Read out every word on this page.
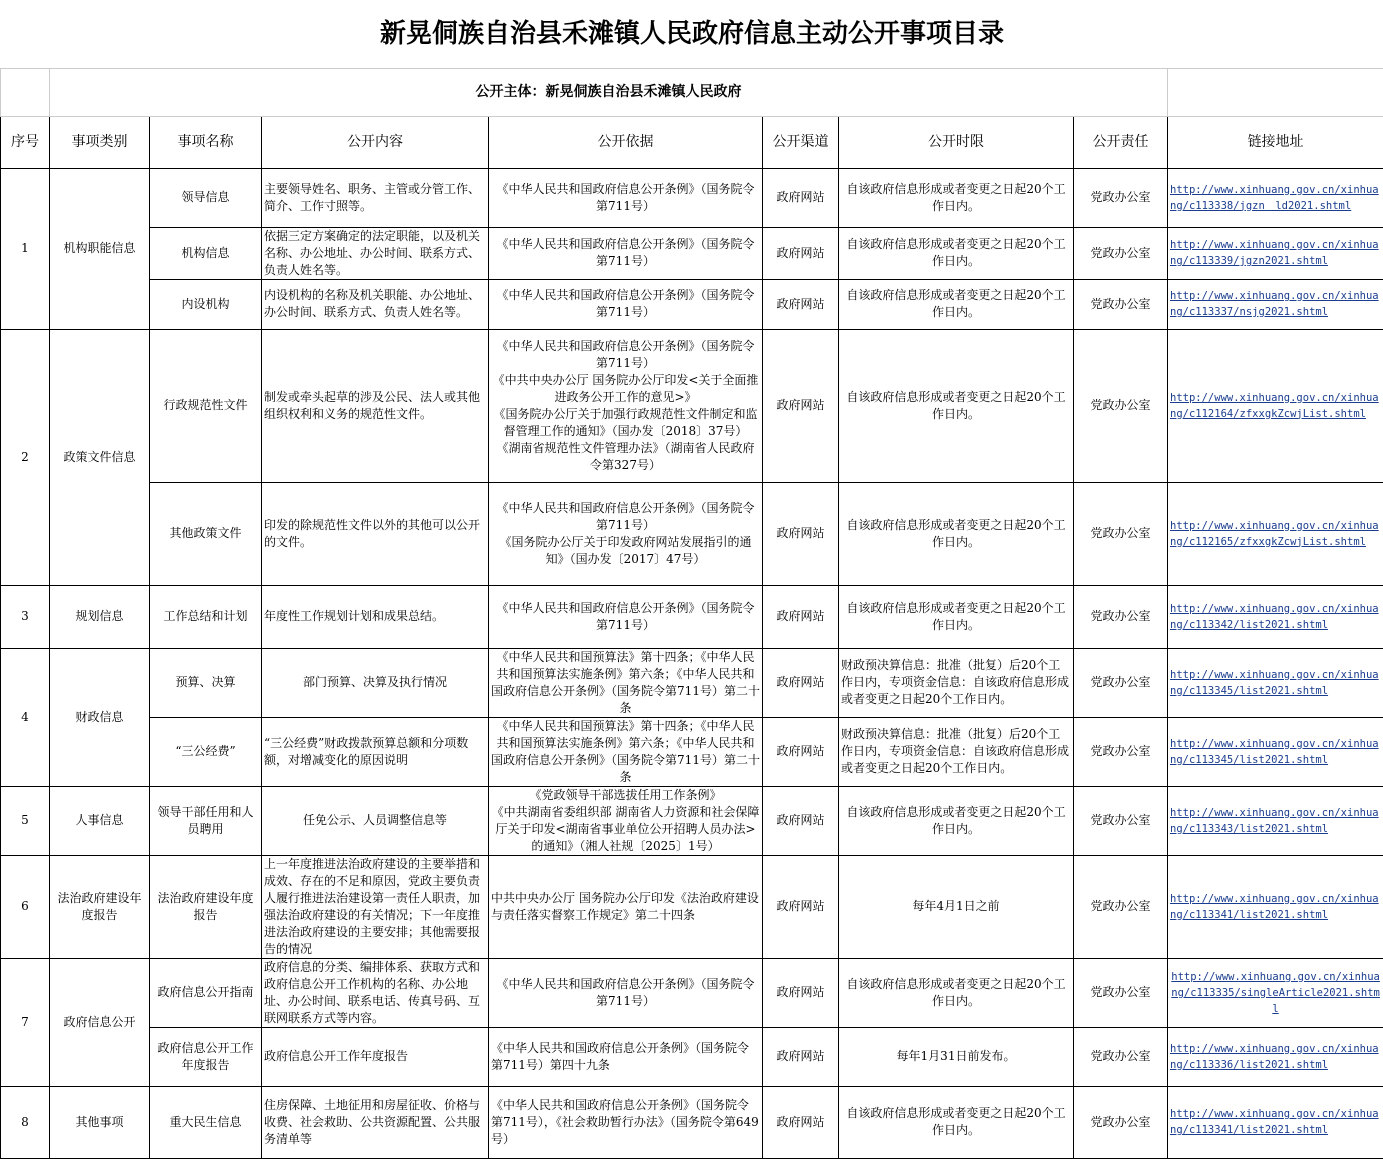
新晃侗族自治县禾滩镇人民政府信息主动公开事项目录								
	公开主体：新晃侗族自治县禾滩镇人民政府							
序号	事项类别	事项名称	公开内容	公开依据	公开渠道	公开时限	公开责任	链接地址
1	机构职能信息	领导信息	主要领导姓名、职务、主管或分管工作、简介、工作寸照等。	《中华人民共和国政府信息公开条例》（国务院令第711号）	政府网站	自该政府信息形成或者变更之日起20个工作日内。	党政办公室	http://www.xinhuang.gov.cn/xinhuang/c113338/jgzn　ld2021.shtml
		机构信息	依据三定方案确定的法定职能，以及机关名称、办公地址、办公时间、联系方式、负责人姓名等。	《中华人民共和国政府信息公开条例》（国务院令第711号）	政府网站	自该政府信息形成或者变更之日起20个工作日内。	党政办公室	http://www.xinhuang.gov.cn/xinhuang/c113339/jgzn2021.shtml
		内设机构	内设机构的名称及机关职能、办公地址、办公时间、联系方式、负责人姓名等。	《中华人民共和国政府信息公开条例》（国务院令第711号）	政府网站	自该政府信息形成或者变更之日起20个工作日内。	党政办公室	http://www.xinhuang.gov.cn/xinhuang/c113337/nsjg2021.shtml
2	政策文件信息	行政规范性文件	制发或牵头起草的涉及公民、法人或其他组织权利和义务的规范性文件。	《中华人民共和国政府信息公开条例》（国务院令第711号）
《中共中央办公厅 国务院办公厅印发<关于全面推进政务公开工作的意见>》
《国务院办公厅关于加强行政规范性文件制定和监督管理工作的通知》（国办发〔2018〕37号）
《湖南省规范性文件管理办法》（湖南省人民政府令第327号）	政府网站	自该政府信息形成或者变更之日起20个工作日内。	党政办公室	http://www.xinhuang.gov.cn/xinhuang/c112164/zfxxgkZcwjList.shtml
		其他政策文件	印发的除规范性文件以外的其他可以公开的文件。	《中华人民共和国政府信息公开条例》（国务院令第711号）
《国务院办公厅关于印发政府网站发展指引的通知》（国办发〔2017〕47号）	政府网站	自该政府信息形成或者变更之日起20个工作日内。	党政办公室	http://www.xinhuang.gov.cn/xinhuang/c112165/zfxxgkZcwjList.shtml
3	规划信息	工作总结和计划	年度性工作规划计划和成果总结。	《中华人民共和国政府信息公开条例》（国务院令第711号）	政府网站	自该政府信息形成或者变更之日起20个工作日内。	党政办公室	http://www.xinhuang.gov.cn/xinhuang/c113342/list2021.shtml
4	财政信息	预算、决算	部门预算、决算及执行情况	《中华人民共和国预算法》第十四条；《中华人民共和国预算法实施条例》第六条；《中华人民共和国政府信息公开条例》（国务院令第711号）第二十条	政府网站	财政预决算信息：批准（批复）后20个工作日内，专项资金信息：自该政府信息形成或者变更之日起20个工作日内。	党政办公室	http://www.xinhuang.gov.cn/xinhuang/c113345/list2021.shtml
		“三公经费”	“三公经费”财政拨款预算总额和分项数额，对增减变化的原因说明	《中华人民共和国预算法》第十四条；《中华人民共和国预算法实施条例》第六条；《中华人民共和国政府信息公开条例》（国务院令第711号）第二十条	政府网站	财政预决算信息：批准（批复）后20个工作日内，专项资金信息：自该政府信息形成或者变更之日起20个工作日内。	党政办公室	http://www.xinhuang.gov.cn/xinhuang/c113345/list2021.shtml
5	人事信息	领导干部任用和人员聘用	任免公示、人员调整信息等	《党政领导干部选拔任用工作条例》
《中共湖南省委组织部 湖南省人力资源和社会保障厅关于印发<湖南省事业单位公开招聘人员办法>的通知》（湘人社规〔2025〕1号）	政府网站	自该政府信息形成或者变更之日起20个工作日内。	党政办公室	http://www.xinhuang.gov.cn/xinhuang/c113343/list2021.shtml
6	法治政府建设年度报告	法治政府建设年度报告	上一年度推进法治政府建设的主要举措和成效、存在的不足和原因，党政主要负责人履行推进法治建设第一责任人职责，加强法治政府建设的有关情况；下一年度推进法治政府建设的主要安排；其他需要报告的情况	中共中央办公厅 国务院办公厅印发《法治政府建设与责任落实督察工作规定》第二十四条	政府网站	每年4月1日之前	党政办公室	http://www.xinhuang.gov.cn/xinhuang/c113341/list2021.shtml
7	政府信息公开	政府信息公开指南	政府信息的分类、编排体系、获取方式和政府信息公开工作机构的名称、办公地址、办公时间、联系电话、传真号码、互联网联系方式等内容。	《中华人民共和国政府信息公开条例》（国务院令第711号）	政府网站	自该政府信息形成或者变更之日起20个工作日内。	党政办公室	http://www.xinhuang.gov.cn/xinhuang/c113335/singleArticle2021.shtml
		政府信息公开工作年度报告	政府信息公开工作年度报告	《中华人民共和国政府信息公开条例》（国务院令第711号）第四十九条	政府网站	每年1月31日前发布。	党政办公室	http://www.xinhuang.gov.cn/xinhuang/c113336/list2021.shtml
8	其他事项	重大民生信息	住房保障、土地征用和房屋征收、价格与收费、社会救助、公共资源配置、公共服务清单等	《中华人民共和国政府信息公开条例》（国务院令第711号），《社会救助暂行办法》（国务院令第649号）	政府网站	自该政府信息形成或者变更之日起20个工作日内。	党政办公室	http://www.xinhuang.gov.cn/xinhuang/c113341/list2021.shtml
